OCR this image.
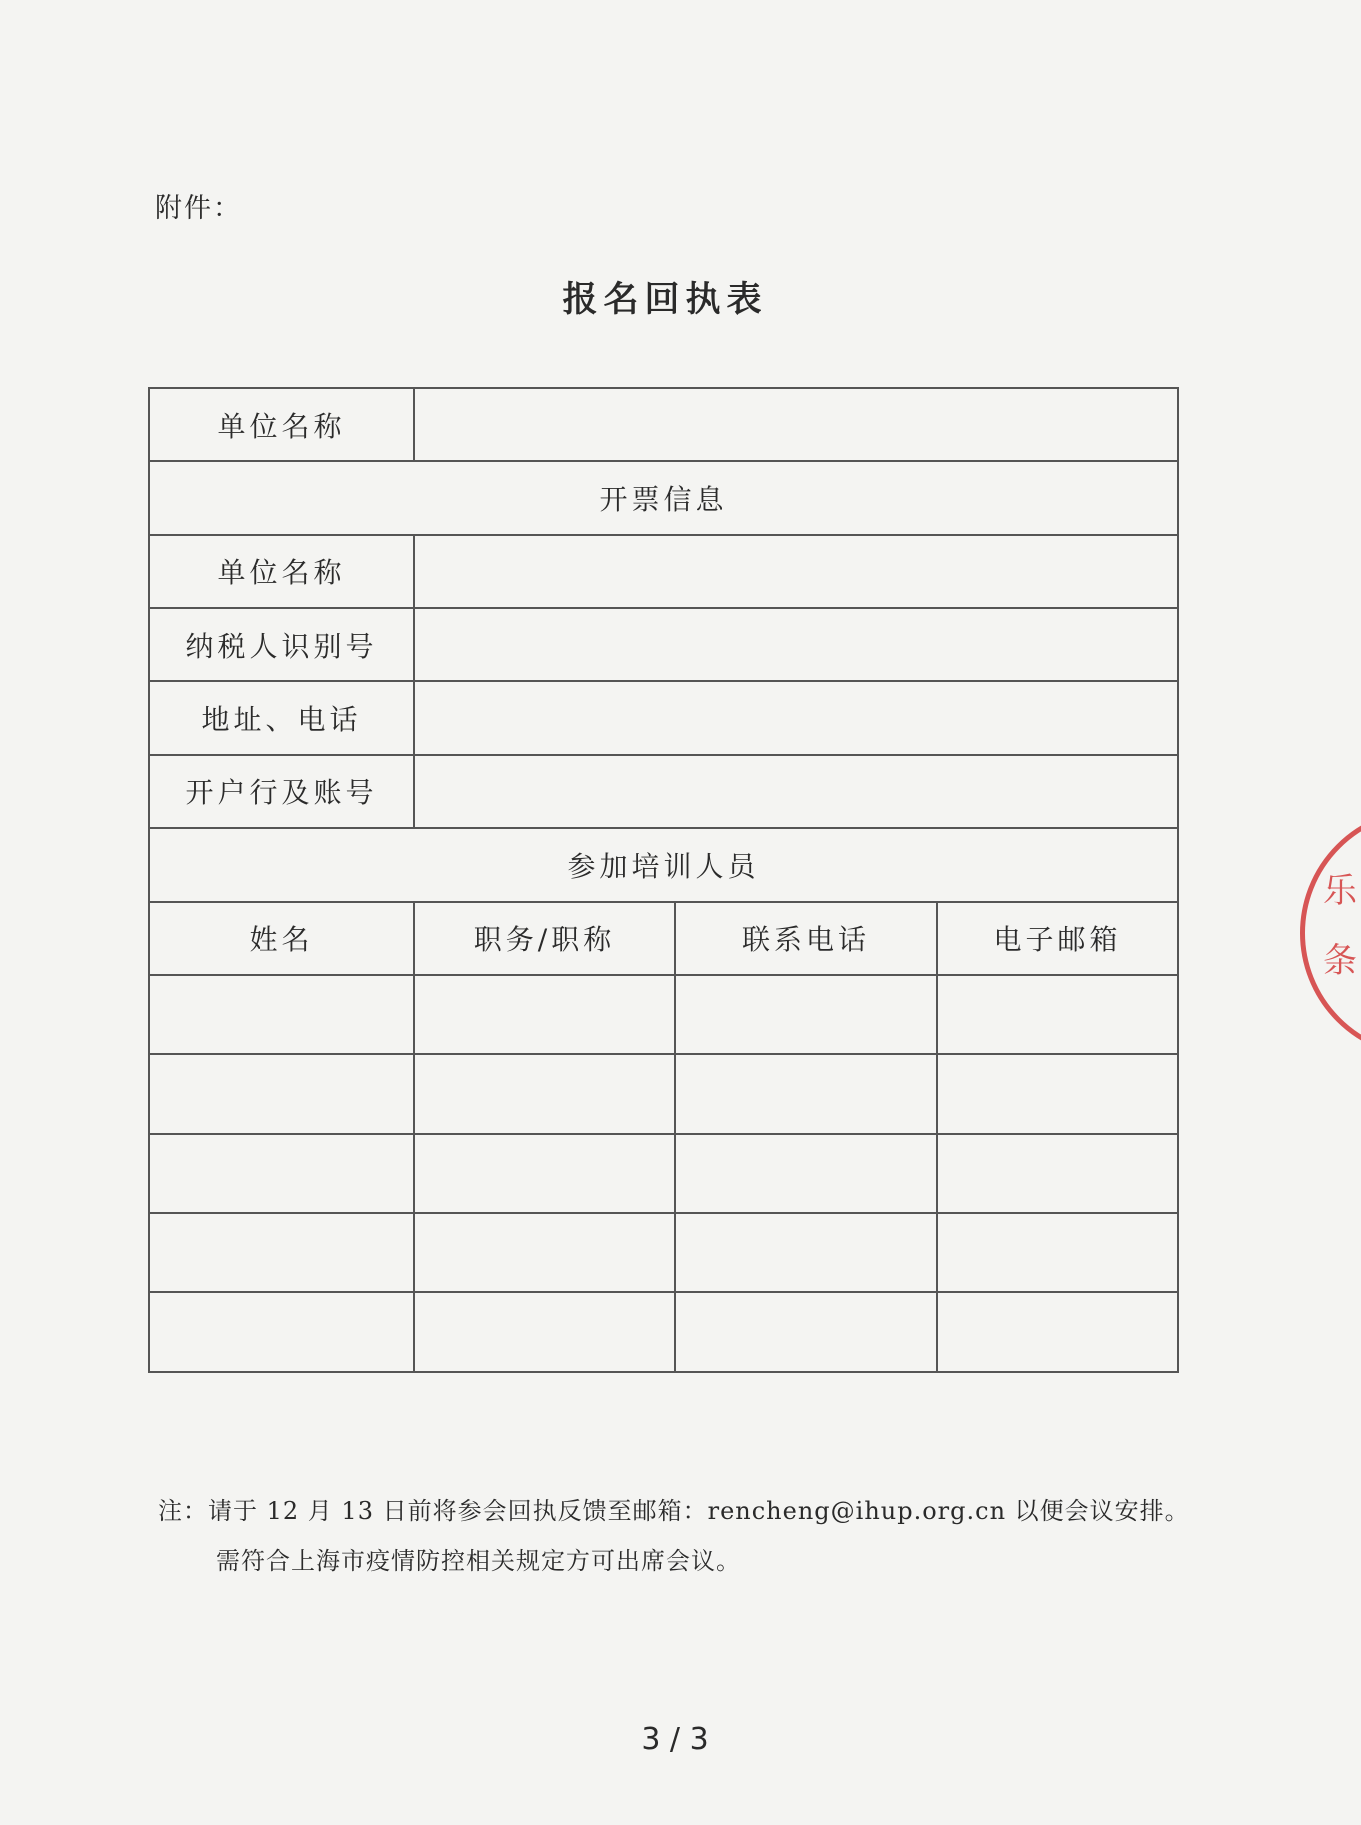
附件：
报名回执表
单位名称			
开票信息			
单位名称			
纳税人识别号			
地址、电话			
开户行及账号			
参加培训人员			
姓名	职务/职称	联系电话	电子邮箱

注：请于 12 月 13 日前将参会回执反馈至邮箱：rencheng@ihup.org.cn 以便会议安排。
需符合上海市疫情防控相关规定方可出席会议。
3 / 3
乐
条
